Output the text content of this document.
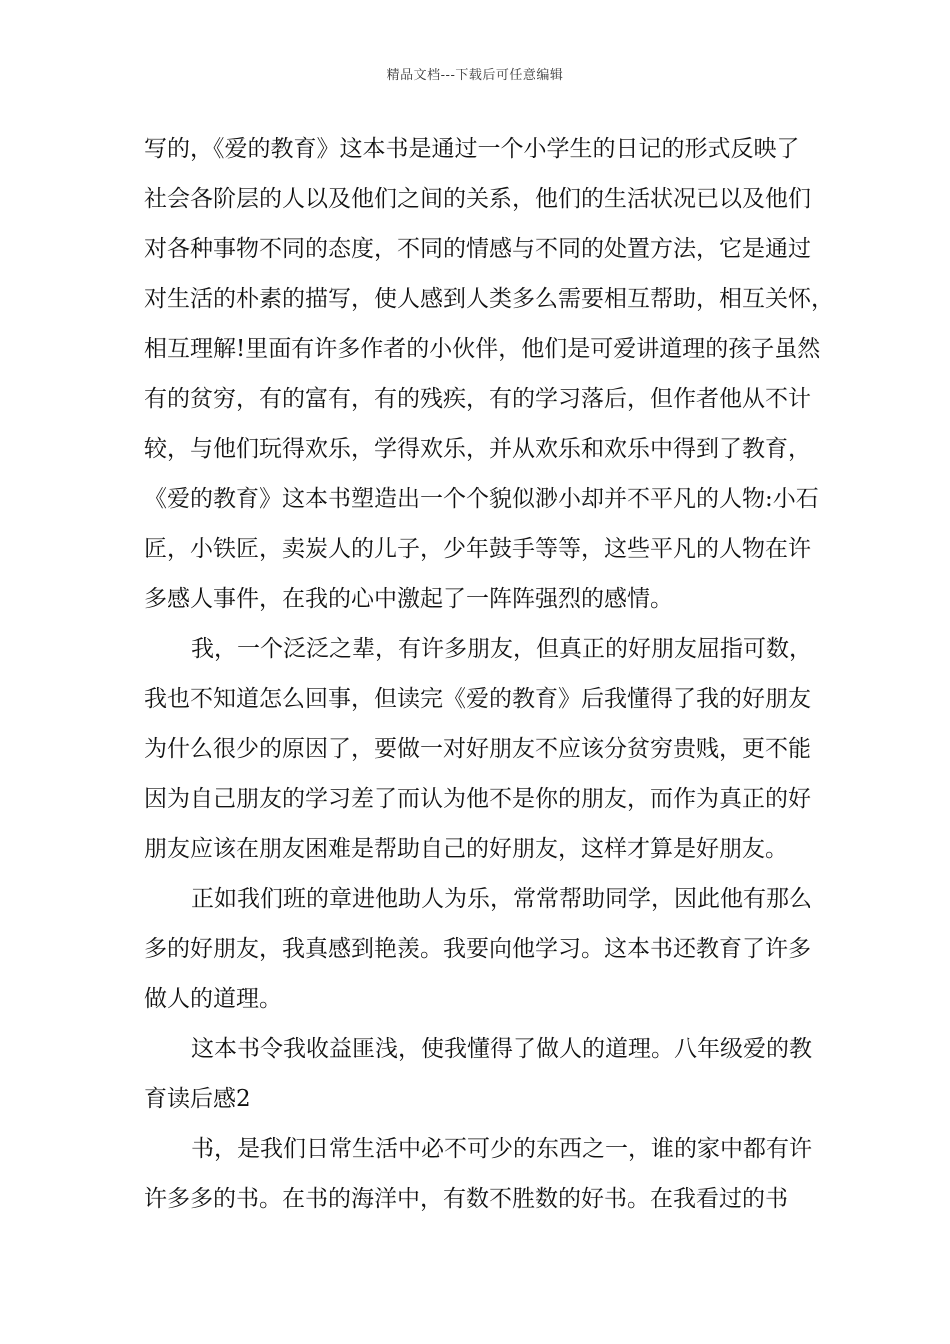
精品文档---下载后可任意编辑
写的，《爱的教育》这本书是通过一个小学生的日记的形式反映了
社会各阶层的人以及他们之间的关系，他们的生活状况已以及他们
对各种事物不同的态度，不同的情感与不同的处置方法，它是通过
对生活的朴素的描写，使人感到人类多么需要相互帮助，相互关怀，
相互理解!里面有许多作者的小伙伴，他们是可爱讲道理的孩子虽然
有的贫穷，有的富有，有的残疾，有的学习落后，但作者他从不计
较，与他们玩得欢乐，学得欢乐，并从欢乐和欢乐中得到了教育，
《爱的教育》这本书塑造出一个个貌似渺小却并不平凡的人物:小石
匠，小铁匠，卖炭人的儿子，少年鼓手等等，这些平凡的人物在许
多感人事件，在我的心中激起了一阵阵强烈的感情。
我，一个泛泛之辈，有许多朋友，但真正的好朋友屈指可数，
我也不知道怎么回事，但读完《爱的教育》后我懂得了我的好朋友
为什么很少的原因了，要做一对好朋友不应该分贫穷贵贱，更不能
因为自己朋友的学习差了而认为他不是你的朋友，而作为真正的好
朋友应该在朋友困难是帮助自己的好朋友，这样才算是好朋友。
正如我们班的章进他助人为乐，常常帮助同学，因此他有那么
多的好朋友，我真感到艳羡。我要向他学习。这本书还教育了许多
做人的道理。
这本书令我收益匪浅，使我懂得了做人的道理。八年级爱的教
育读后感2
书，是我们日常生活中必不可少的东西之一，谁的家中都有许
许多多的书。在书的海洋中，有数不胜数的好书。在我看过的书
